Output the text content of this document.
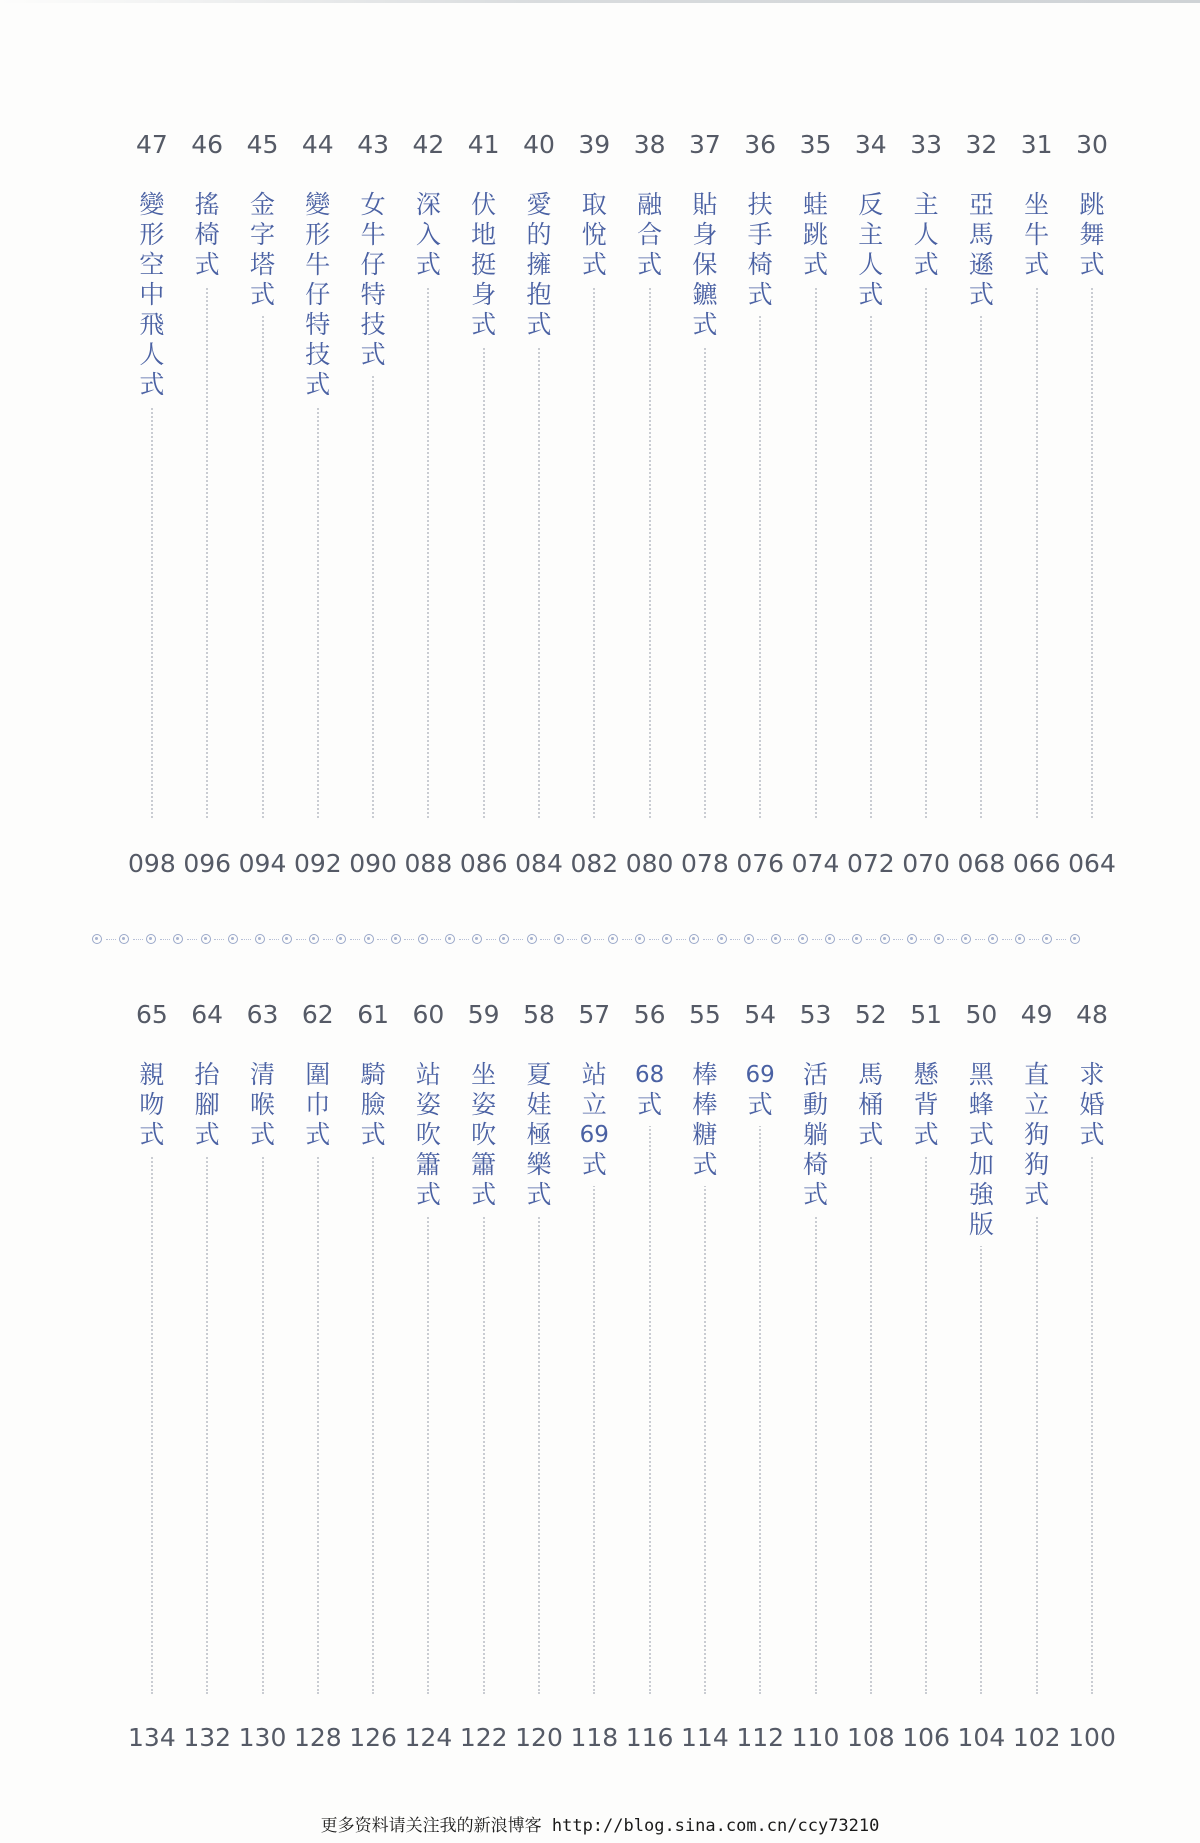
30
跳
舞
式
064
31
坐
牛
式
066
32
亞
馬
遜
式
068
33
主
人
式
070
34
反
主
人
式
072
35
蛙
跳
式
074
36
扶
手
椅
式
076
37
貼
身
保
鑣
式
078
38
融
合
式
080
39
取
悅
式
082
40
愛
的
擁
抱
式
084
41
伏
地
挺
身
式
086
42
深
入
式
088
43
女
牛
仔
特
技
式
090
44
變
形
牛
仔
特
技
式
092
45
金
字
塔
式
094
46
搖
椅
式
096
47
變
形
空
中
飛
人
式
098
48
求
婚
式
100
49
直
立
狗
狗
式
102
50
黑
蜂
式
加
強
版
104
51
懸
背
式
106
52
馬
桶
式
108
53
活
動
躺
椅
式
110
54
69
式
112
55
棒
棒
糖
式
114
56
68
式
116
57
站
立
69
式
118
58
夏
娃
極
樂
式
120
59
坐
姿
吹
簫
式
122
60
站
姿
吹
簫
式
124
61
騎
臉
式
126
62
圍
巾
式
128
63
清
喉
式
130
64
抬
腳
式
132
65
親
吻
式
134
更多资料请关注我的新浪博客 http://blog.sina.com.cn/ccy73210
